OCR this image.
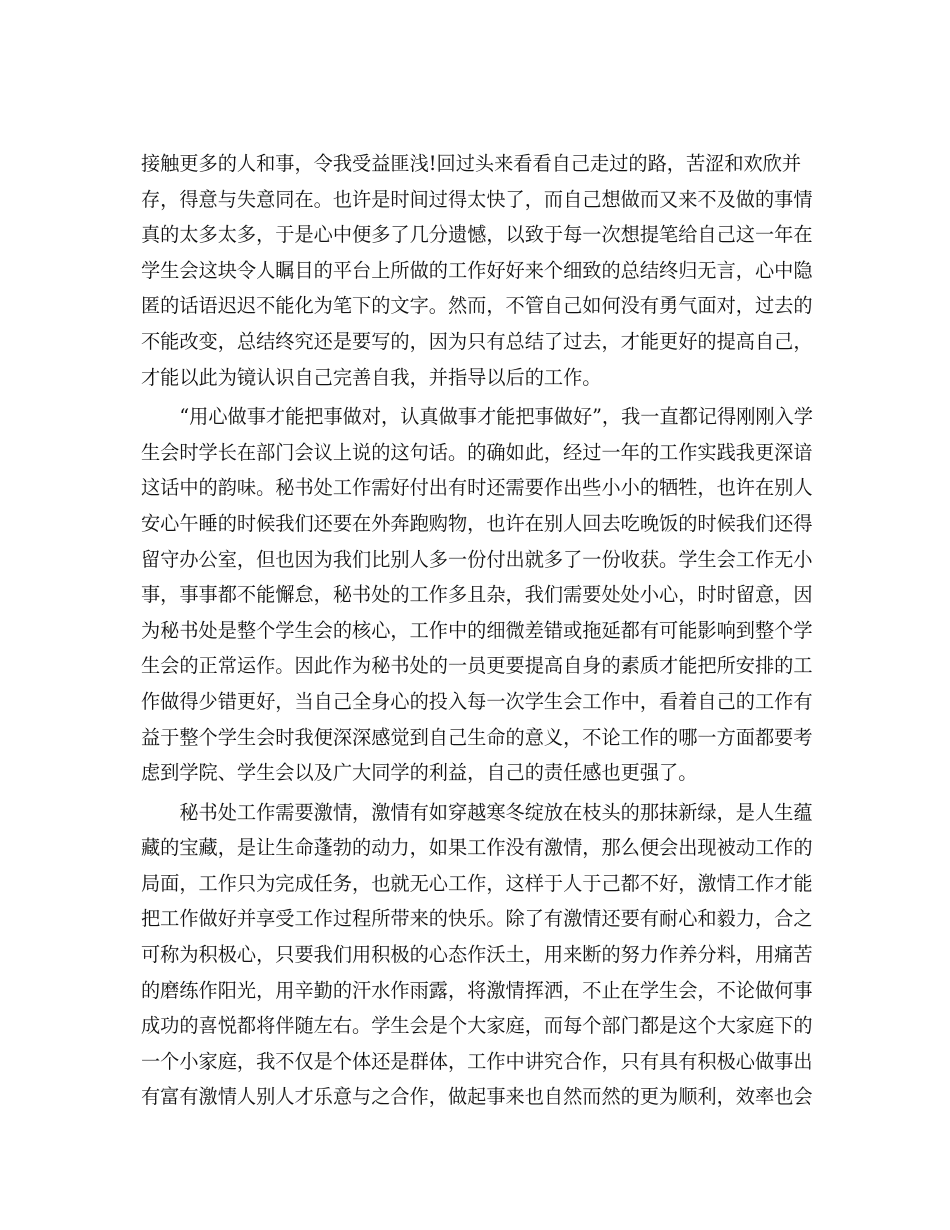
接触更多的人和事，令我受益匪浅!回过头来看看自己走过的路，苦涩和欢欣并
存，得意与失意同在。也许是时间过得太快了，而自己想做而又来不及做的事情
真的太多太多，于是心中便多了几分遗憾，以致于每一次想提笔给自己这一年在
学生会这块令人瞩目的平台上所做的工作好好来个细致的总结终归无言，心中隐
匿的话语迟迟不能化为笔下的文字。然而，不管自己如何没有勇气面对，过去的
不能改变，总结终究还是要写的，因为只有总结了过去，才能更好的提高自己，
才能以此为镜认识自己完善自我，并指导以后的工作。
　　“用心做事才能把事做对，认真做事才能把事做好”，我一直都记得刚刚入学
生会时学长在部门会议上说的这句话。的确如此，经过一年的工作实践我更深谙
这话中的韵味。秘书处工作需好付出有时还需要作出些小小的牺牲，也许在别人
安心午睡的时候我们还要在外奔跑购物，也许在别人回去吃晚饭的时候我们还得
留守办公室，但也因为我们比别人多一份付出就多了一份收获。学生会工作无小
事，事事都不能懈怠，秘书处的工作多且杂，我们需要处处小心，时时留意，因
为秘书处是整个学生会的核心，工作中的细微差错或拖延都有可能影响到整个学
生会的正常运作。因此作为秘书处的一员更要提高自身的素质才能把所安排的工
作做得少错更好，当自己全身心的投入每一次学生会工作中，看着自己的工作有
益于整个学生会时我便深深感觉到自己生命的意义，不论工作的哪一方面都要考
虑到学院、学生会以及广大同学的利益，自己的责任感也更强了。
　　秘书处工作需要激情，激情有如穿越寒冬绽放在枝头的那抹新绿，是人生蕴
藏的宝藏，是让生命蓬勃的动力，如果工作没有激情，那么便会出现被动工作的
局面，工作只为完成任务，也就无心工作，这样于人于己都不好，激情工作才能
把工作做好并享受工作过程所带来的快乐。除了有激情还要有耐心和毅力，合之
可称为积极心，只要我们用积极的心态作沃土，用来断的努力作养分料，用痛苦
的磨练作阳光，用辛勤的汗水作雨露，将激情挥洒，不止在学生会，不论做何事
成功的喜悦都将伴随左右。学生会是个大家庭，而每个部门都是这个大家庭下的
一个小家庭，我不仅是个体还是群体，工作中讲究合作，只有具有积极心做事出
有富有激情人别人才乐意与之合作，做起事来也自然而然的更为顺利，效率也会
